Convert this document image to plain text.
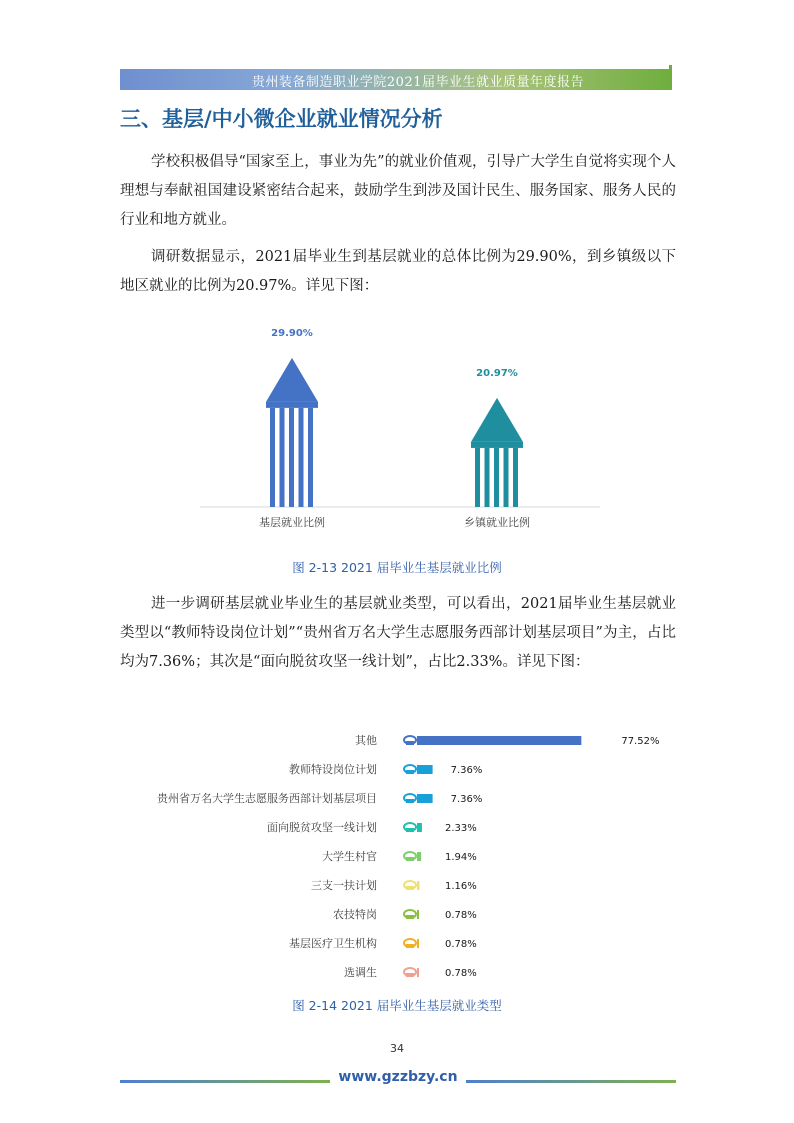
贵州装备制造职业学院2021届毕业生就业质量年度报告
三、基层/中小微企业就业情况分析

学校积极倡导“国家至上，事业为先”的就业价值观，引导广大学生自觉将实现个人理想与奉献祖国建设紧密结合起来，鼓励学生到涉及国计民生、服务国家、服务人民的行业和地方就业。

调研数据显示，2021届毕业生到基层就业的总体比例为29.90%，到乡镇级以下地区就业的比例为20.97%。详见下图：

29.90%
基层就业比例
20.97%
乡镇就业比例
图 2-13 2021 届毕业生基层就业比例

进一步调研基层就业毕业生的基层就业类型，可以看出，2021届毕业生基层就业类型以“教师特设岗位计划”“贵州省万名大学生志愿服务西部计划基层项目”为主，占比均为7.36%；其次是“面向脱贫攻坚一线计划”，占比2.33%。详见下图：

其他	77.52%
教师特设岗位计划	7.36%
贵州省万名大学生志愿服务西部计划基层项目	7.36%
面向脱贫攻坚一线计划	2.33%
大学生村官	1.94%
三支一扶计划	1.16%
农技特岗	0.78%
基层医疗卫生机构	0.78%
选调生	0.78%
图 2-14 2021 届毕业生基层就业类型
34
www.gzzbzy.cn
